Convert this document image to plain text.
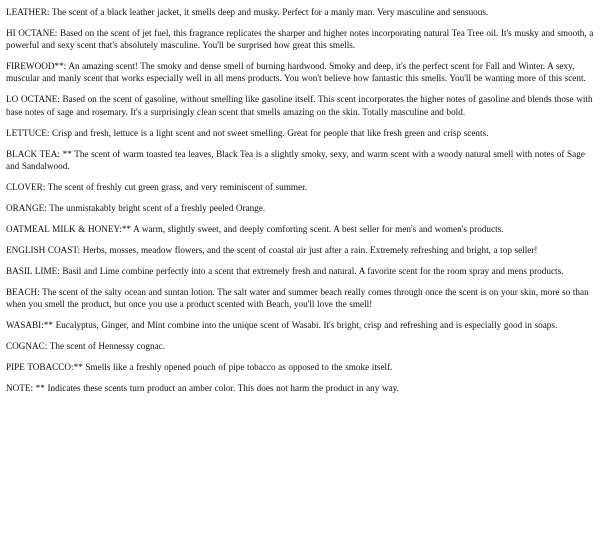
LEATHER: The scent of a black leather jacket, it smells deep and musky. Perfect for a manly man. Very masculine and sensuous.

HI OCTANE: Based on the scent of jet fuel, this fragrance replicates the sharper and higher notes incorporating natural Tea Tree oil. It's musky and smooth, a powerful and sexy scent that's absolutely masculine. You'll be surprised how great this smells.

FIREWOOD**: An amazing scent! The smoky and dense smell of burning hardwood. Smoky and deep, it's the perfect scent for Fall and Winter. A sexy, muscular and manly scent that works especially well in all mens products. You won't believe how fantastic this smells. You'll be wanting more of this scent.

LO OCTANE: Based on the scent of gasoline, without smelling like gasoline itself. This scent incorporates the higher notes of gasoline and blends those with base notes of sage and rosemary. It's a surprisingly clean scent that smells amazing on the skin. Totally masculine and bold.

LETTUCE: Crisp and fresh, lettuce is a light scent and not sweet smelling. Great for people that like fresh green and crisp scents.

BLACK TEA: ** The scent of warm toasted tea leaves, Black Tea is a slightly smoky, sexy, and warm scent with a woody natural smell with notes of Sage and Sandalwood.

CLOVER: The scent of freshly cut green grass, and very reminiscent of summer.

ORANGE: The unmistakably bright scent of a freshly peeled Orange.

OATMEAL MILK & HONEY:** A warm, slightly sweet, and deeply comforting scent. A best seller for men's and women's products.

ENGLISH COAST: Herbs, mosses, meadow flowers, and the scent of coastal air just after a rain. Extremely refreshing and bright, a top seller!

BASIL LIME: Basil and Lime combine perfectly into a scent that extremely fresh and natural. A favorite scent for the room spray and mens products.

BEACH: The scent of the salty ocean and suntan lotion. The salt water and summer beach really comes through once the scent is on your skin, more so than when you smell the product, but once you use a product scented with Beach, you'll love the smell!

WASABI:** Eucalyptus, Ginger, and Mint combine into the unique scent of Wasabi. It's bright, crisp and refreshing and is especially good in soaps.

COGNAC: The scent of Hennessy cognac.

PIPE TOBACCO:** Smells like a freshly opened pouch of pipe tobacco as opposed to the smoke itself.

NOTE: ** Indicates these scents turn product an amber color. This does not harm the product in any way.
